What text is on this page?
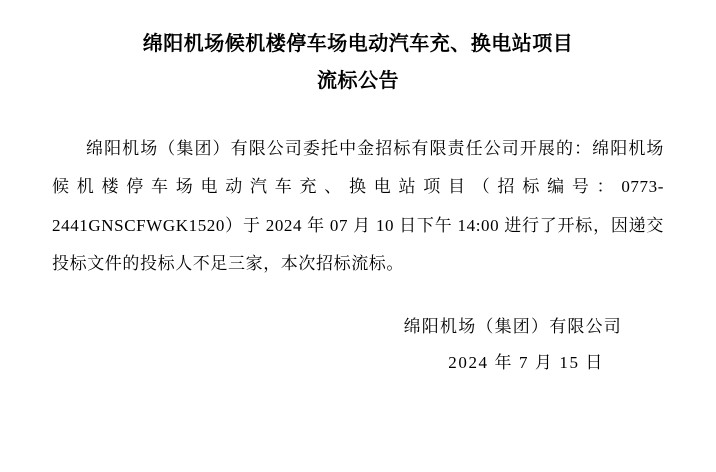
绵阳机场候机楼停车场电动汽车充、换电站项目
流标公告

绵阳机场（集团）有限公司委托中金招标有限责任公司开展的：绵阳机场候机楼停车场电动汽车充、换电站项目（招标编号：0773-2441GNSCFWGK1520）于 2024 年 07 月 10 日下午 14:00 进行了开标，因递交投标文件的投标人不足三家，本次招标流标。

绵阳机场（集团）有限公司
2024 年 7 月 15 日
